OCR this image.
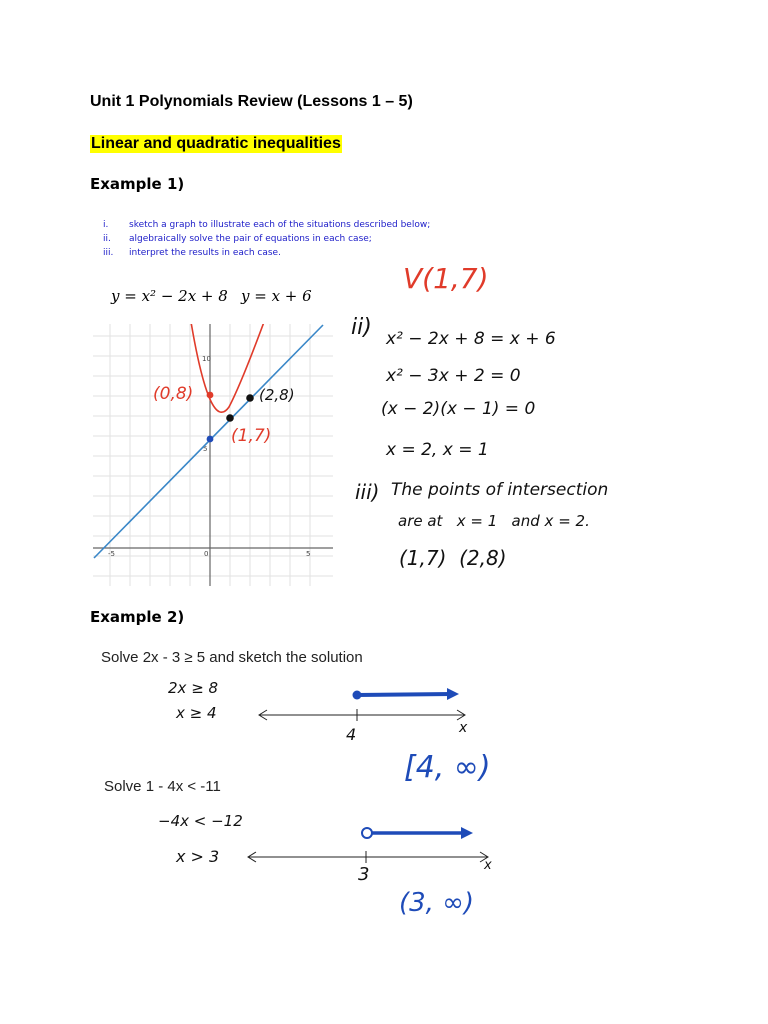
Unit 1 Polynomials Review (Lessons 1 – 5)
Linear and quadratic inequalities
Example 1)
i. sketch a graph to illustrate each of the situations described below;
ii. algebraically solve the pair of equations in each case;
iii. interpret the results in each case.
y = x² − 2x + 8 y = x + 6
10
5
-5	0	5
(0,8)	(2,8)
(1,7)
V(1,7)
ii) x² − 2x + 8 = x + 6
x² − 3x + 2 = 0
(x − 2)(x − 1) = 0
x = 2, x = 1
iii) The points of intersection
are at   x = 1   and x = 2.
(1,7)  (2,8)
Example 2)
Solve 2x - 3 ≥ 5 and sketch the solution
2x ≥ 8
x ≥ 4
4	x
[4, ∞)
Solve 1 - 4x < -11
−4x < −12
x > 3
3	x
(3, ∞)
